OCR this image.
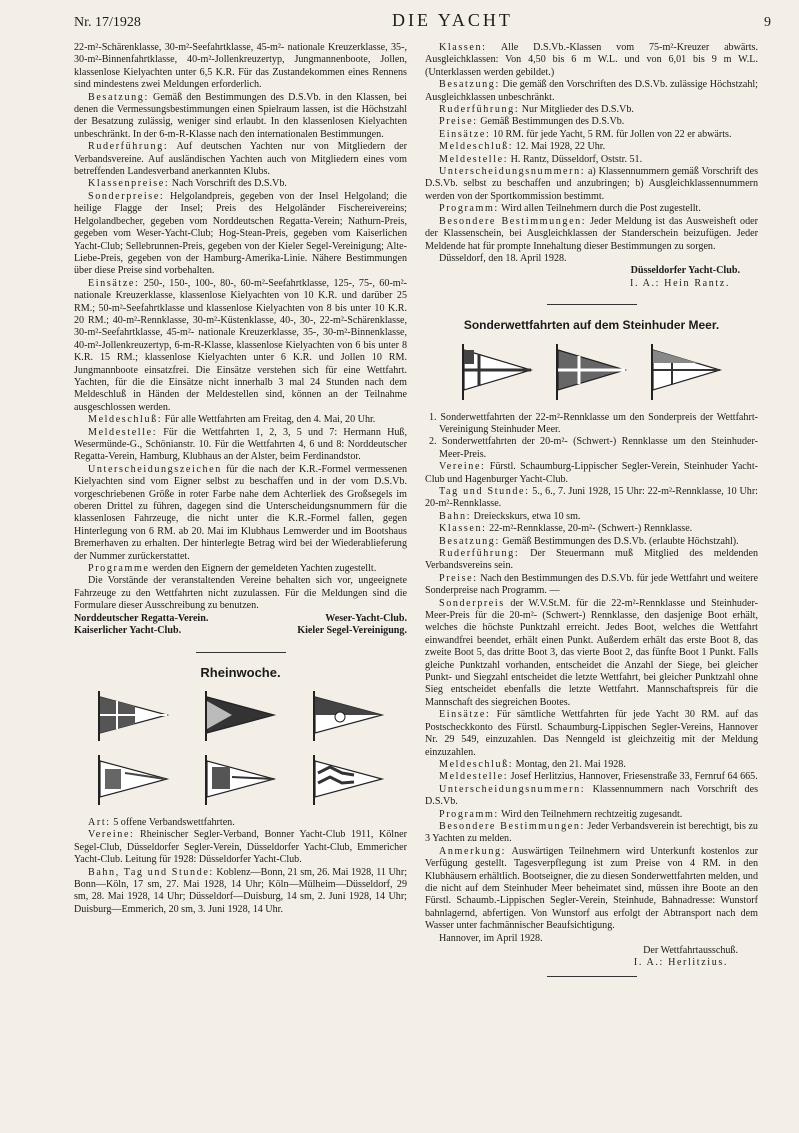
Nr. 17/1928	DIE YACHT	9

22-m²-Schärenklasse, 30-m²-Seefahrtklasse, 45-m²- nationale Kreuzerklasse, 35-, 30-m²-Binnenfahrtklasse, 40-m²-Jollenkreuzertyp, Jungmannenboote, Jollen, klassenlose Kielyachten unter 6,5 K.R. Für das Zustandekommen eines Rennens sind mindestens zwei Meldungen erforderlich.

Besatzung: Gemäß den Bestimmungen des D.S.Vb. in den Klassen, bei denen die Vermessungsbestimmungen einen Spielraum lassen, ist die Höchstzahl der Besatzung zulässig, weniger sind erlaubt. In den klassenlosen Kielyachten unbeschränkt. In der 6-m-R-Klasse nach den internationalen Bestimmungen.

Ruderführung: Auf deutschen Yachten nur von Mitgliedern der Verbandsvereine. Auf ausländischen Yachten auch von Mitgliedern eines vom betreffenden Landesverband anerkannten Klubs.

Klassenpreise: Nach Vorschrift des D.S.Vb.

Sonderpreise: Helgolandpreis, gegeben von der Insel Helgoland; die heilige Flagge der Insel; Preis des Helgoländer Fischereivereins; Helgolandbecher, gegeben vom Norddeutschen Regatta-Verein; Nathurn-Preis, gegeben vom Weser-Yacht-Club; Hog-Stean-Preis, gegeben vom Kaiserlichen Yacht-Club; Sellebrunnen-Preis, gegeben von der Kieler Segel-Vereinigung; Alte-Liebe-Preis, gegeben von der Hamburg-Amerika-Linie. Nähere Bestimmungen über diese Preise sind vorbehalten.

Einsätze: 250-, 150-, 100-, 80-, 60-m²-Seefahrtklasse, 125-, 75-, 60-m²- nationale Kreuzerklasse, klassenlose Kielyachten von 10 K.R. und darüber 25 RM.; 50-m²-Seefahrtklasse und klassenlose Kielyachten von 8 bis unter 10 K.R. 20 RM.; 40-m²-Rennklasse, 30-m²-Küstenklasse, 40-, 30-, 22-m²-Schärenklasse, 30-m²-Seefahrtklasse, 45-m²- nationale Kreuzerklasse, 35-, 30-m²-Binnenklasse, 40-m²-Jollenkreuzertyp, 6-m-R-Klasse, klassenlose Kielyachten von 6 bis unter 8 K.R. 15 RM.; klassenlose Kielyachten unter 6 K.R. und Jollen 10 RM. Jungmannboote einsatzfrei. Die Einsätze verstehen sich für eine Wettfahrt. Yachten, für die die Einsätze nicht innerhalb 3 mal 24 Stunden nach dem Meldeschluß in Händen der Meldestellen sind, können an der Teilnahme ausgeschlossen werden.

Meldeschluß: Für alle Wettfahrten am Freitag, den 4. Mai, 20 Uhr.

Meldestelle: Für die Wettfahrten 1, 2, 3, 5 und 7: Hermann Huß, Wesermünde-G., Schönianstr. 10. Für die Wettfahrten 4, 6 und 8: Norddeutscher Regatta-Verein, Hamburg, Klubhaus an der Alster, beim Ferdinandstor.

Unterscheidungszeichen für die nach der K.R.-Formel vermessenen Kielyachten sind vom Eigner selbst zu beschaffen und in der vom D.S.Vb. vorgeschriebenen Größe in roter Farbe nahe dem Achterliek des Großsegels im oberen Drittel zu führen, dagegen sind die Unterscheidungsnummern für die klassenlosen Fahrzeuge, die nicht unter die K.R.-Formel fallen, gegen Hinterlegung von 6 RM. ab 20. Mai im Klubhaus Lemwerder und im Bootshaus Bremerhaven zu erhalten. Der hinterlegte Betrag wird bei der Wiederablieferung der Nummer zurückerstattet.

Programme werden den Eignern der gemeldeten Yachten zugestellt.

Die Vorstände der veranstaltenden Vereine behalten sich vor, ungeeignete Fahrzeuge zu den Wettfahrten nicht zuzulassen. Für die Meldungen sind die Formulare dieser Ausschreibung zu benutzen.

Norddeutscher Regatta-Verein.	Weser-Yacht-Club.
Kaiserlicher Yacht-Club.	Kieler Segel-Vereinigung.
Rheinwoche.

Art: 5 offene Verbandswettfahrten.

Vereine: Rheinischer Segler-Verband, Bonner Yacht-Club 1911, Kölner Segel-Club, Düsseldorfer Segler-Verein, Düsseldorfer Yacht-Club, Emmericher Yacht-Club. Leitung für 1928: Düsseldorfer Yacht-Club.

Bahn, Tag und Stunde: Koblenz—Bonn, 21 sm, 26. Mai 1928, 11 Uhr; Bonn—Köln, 17 sm, 27. Mai 1928, 14 Uhr; Köln—Mülheim—Düsseldorf, 29 sm, 28. Mai 1928, 14 Uhr; Düsseldorf—Duisburg, 14 sm, 2. Juni 1928, 14 Uhr; Duisburg—Emmerich, 20 sm, 3. Juni 1928, 14 Uhr.

Klassen: Alle D.S.Vb.-Klassen vom 75-m²-Kreuzer abwärts. Ausgleichklassen: Von 4,50 bis 6 m W.L. und von 6,01 bis 9 m W.L. (Unterklassen werden gebildet.)

Besatzung: Die gemäß den Vorschriften des D.S.Vb. zulässige Höchstzahl; Ausgleichklassen unbeschränkt.

Ruderführung: Nur Mitglieder des D.S.Vb.

Preise: Gemäß Bestimmungen des D.S.Vb.

Einsätze: 10 RM. für jede Yacht, 5 RM. für Jollen von 22 er abwärts.

Meldeschluß: 12. Mai 1928, 22 Uhr.

Meldestelle: H. Rantz, Düsseldorf, Oststr. 51.

Unterscheidungsnummern: a) Klassennummern gemäß Vorschrift des D.S.Vb. selbst zu beschaffen und anzubringen; b) Ausgleichklassennummern werden von der Sportkommission bestimmt.

Programm: Wird allen Teilnehmern durch die Post zugestellt.

Besondere Bestimmungen: Jeder Meldung ist das Ausweisheft oder der Klassenschein, bei Ausgleichklassen der Standerschein beizufügen. Jeder Meldende hat für prompte Innehaltung dieser Bestimmungen zu sorgen.

Düsseldorf, den 18. April 1928.

Düsseldorfer Yacht-Club.

I. A.: Hein Rantz.

Sonderwettfahrten auf dem Steinhuder Meer.

1. Sonderwettfahrten der 22-m²-Rennklasse um den Sonderpreis der Wettfahrt-Vereinigung Steinhuder Meer.

2. Sonderwettfahrten der 20-m²- (Schwert-) Rennklasse um den Steinhuder-Meer-Preis.

Vereine: Fürstl. Schaumburg-Lippischer Segler-Verein, Steinhuder Yacht-Club und Hagenburger Yacht-Club.

Tag und Stunde: 5., 6., 7. Juni 1928, 15 Uhr: 22-m²-Rennklasse, 10 Uhr: 20-m²-Rennklasse.

Bahn: Dreieckskurs, etwa 10 sm.

Klassen: 22-m²-Rennklasse, 20-m²- (Schwert-) Rennklasse.

Besatzung: Gemäß Bestimmungen des D.S.Vb. (erlaubte Höchstzahl).

Ruderführung: Der Steuermann muß Mitglied des meldenden Verbandsvereins sein.

Preise: Nach den Bestimmungen des D.S.Vb. für jede Wettfahrt und weitere Sonderpreise nach Programm. —

Sonderpreis der W.V.St.M. für die 22-m²-Rennklasse und Steinhuder-Meer-Preis für die 20-m²- (Schwert-) Rennklasse, den dasjenige Boot erhält, welches die höchste Punktzahl erreicht. Jedes Boot, welches die Wettfahrt einwandfrei beendet, erhält einen Punkt. Außerdem erhält das erste Boot 8, das zweite Boot 5, das dritte Boot 3, das vierte Boot 2, das fünfte Boot 1 Punkt. Falls gleiche Punktzahl vorhanden, entscheidet die Anzahl der Siege, bei gleicher Punkt- und Siegzahl entscheidet die letzte Wettfahrt, bei gleicher Punktzahl ohne Sieg entscheidet ebenfalls die letzte Wettfahrt. Mannschaftspreis für die Mannschaft des siegreichen Bootes.

Einsätze: Für sämtliche Wettfahrten für jede Yacht 30 RM. auf das Postscheckkonto des Fürstl. Schaumburg-Lippischen Segler-Vereins, Hannover Nr. 29 549, einzuzahlen. Das Nenngeld ist gleichzeitig mit der Meldung einzuzahlen.

Meldeschluß: Montag, den 21. Mai 1928.

Meldestelle: Josef Herlitzius, Hannover, Friesenstraße 33, Fernruf 64 665.

Unterscheidungsnummern: Klassennummern nach Vorschrift des D.S.Vb.

Programm: Wird den Teilnehmern rechtzeitig zugesandt.

Besondere Bestimmungen: Jeder Verbandsverein ist berechtigt, bis zu 3 Yachten zu melden.

Anmerkung: Auswärtigen Teilnehmern wird Unterkunft kostenlos zur Verfügung gestellt. Tagesverpflegung ist zum Preise von 4 RM. in den Klubhäusern erhältlich. Bootseigner, die zu diesen Sonderwettfahrten melden, und die nicht auf dem Steinhuder Meer beheimatet sind, müssen ihre Boote an den Fürstl. Schaumb.-Lippischen Segler-Verein, Steinhude, Bahnadresse: Wunstorf bahnlagernd, abfertigen. Von Wunstorf aus erfolgt der Abtransport nach dem Wasser unter fachmännischer Beaufsichtigung.

Hannover, im April 1928.

Der Wettfahrtausschuß.

I. A.: Herlitzius.
